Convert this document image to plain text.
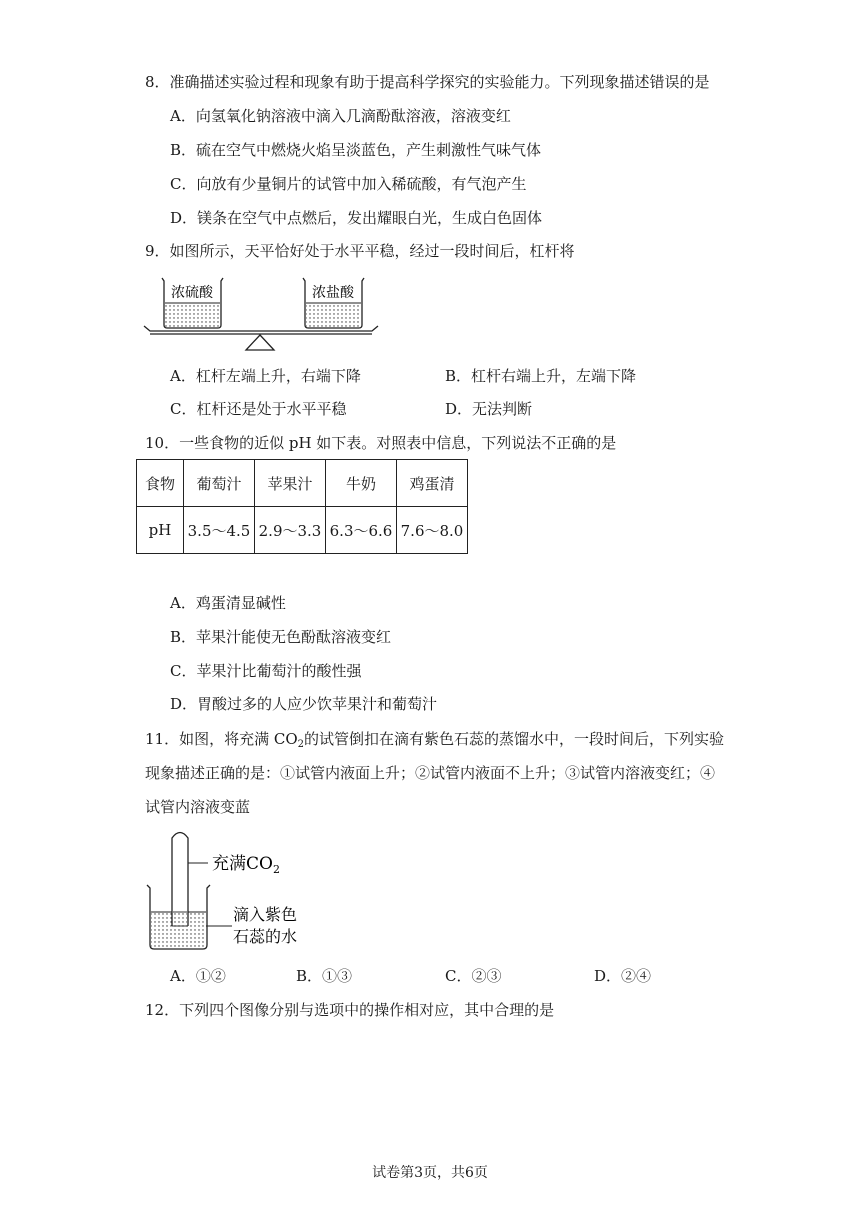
8．准确描述实验过程和现象有助于提高科学探究的实验能力。下列现象描述错误的是
A．向氢氧化钠溶液中滴入几滴酚酞溶液，溶液变红
B．硫在空气中燃烧火焰呈淡蓝色，产生刺激性气味气体
C．向放有少量铜片的试管中加入稀硫酸，有气泡产生
D．镁条在空气中点燃后，发出耀眼白光，生成白色固体
9．如图所示，天平恰好处于水平平稳，经过一段时间后，杠杆将
浓硫酸	浓盐酸
A．杠杆左端上升，右端下降	B．杠杆右端上升，左端下降
C．杠杆还是处于水平平稳	D．无法判断
10．一些食物的近似 pH 如下表。对照表中信息，下列说法不正确的是
食物	葡萄汁	苹果汁	牛奶	鸡蛋清
pH	3.5～4.5	2.9～3.3	6.3～6.6	7.6～8.0
A．鸡蛋清显碱性
B．苹果汁能使无色酚酞溶液变红
C．苹果汁比葡萄汁的酸性强
D．胃酸过多的人应少饮苹果汁和葡萄汁
11．如图，将充满 $CO_2$的试管倒扣在滴有紫色石蕊的蒸馏水中，一段时间后，下列实验
现象描述正确的是：①试管内液面上升；②试管内液面不上升；③试管内溶液变红；④
试管内溶液变蓝
充满$CO_2$
滴入紫色
石蕊的水
A．①②	B．①③	C．②③	D．②④
12．下列四个图像分别与选项中的操作相对应，其中合理的是
试卷第3页，共6页
